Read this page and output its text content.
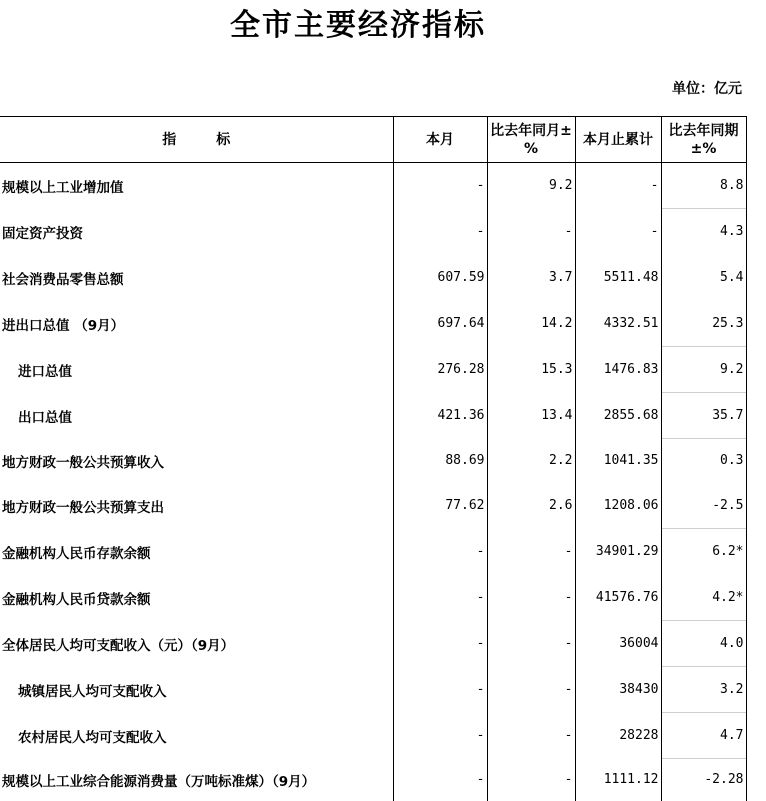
全市主要经济指标
单位：亿元
指标	本月	比去年同月±%	本月止累计	比去年同期±%
规模以上工业增加值	-	9.2	-	8.8
固定资产投资	-	-	-	4.3
社会消费品零售总额	607.59	3.7	5511.48	5.4
进出口总值 （9月）	697.64	14.2	4332.51	25.3
进口总值	276.28	15.3	1476.83	9.2
出口总值	421.36	13.4	2855.68	35.7
地方财政一般公共预算收入	88.69	2.2	1041.35	0.3
地方财政一般公共预算支出	77.62	2.6	1208.06	-2.5
金融机构人民币存款余额	-	-	34901.29	6.2*
金融机构人民币贷款余额	-	-	41576.76	4.2*
全体居民人均可支配收入（元）（9月）	-	-	36004	4.0
城镇居民人均可支配收入	-	-	38430	3.2
农村居民人均可支配收入	-	-	28228	4.7
规模以上工业综合能源消费量（万吨标准煤）（9月）	-	-	1111.12	-2.28
